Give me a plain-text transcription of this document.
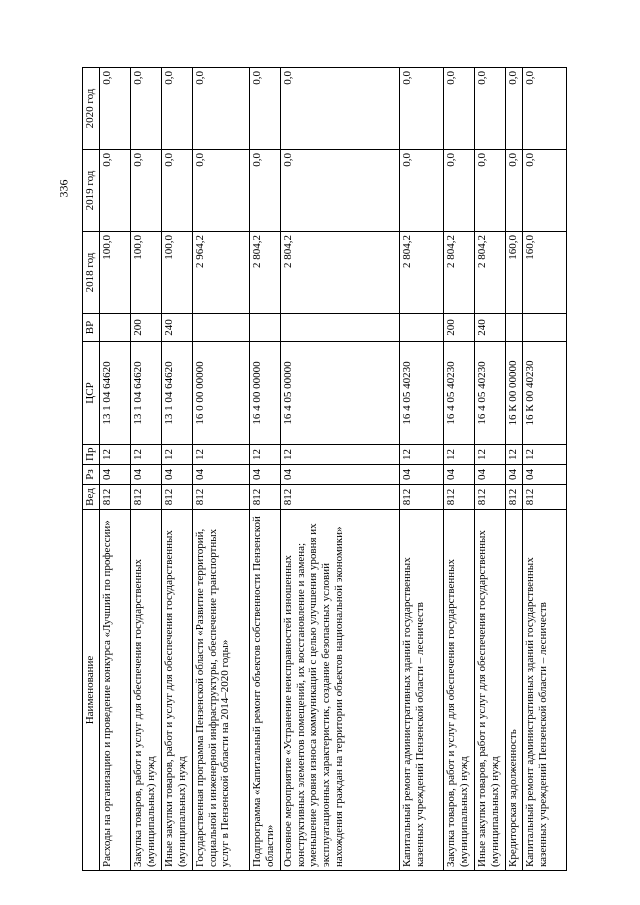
336
Наименование	Вед	Рз	Пр	ЦСР	ВР	2018 год	2019 год	2020 год
Расходы на организацию и проведение конкурса «Лучший по профессии»	812	04	12	13 1 04 64620		100,0	0,0	0,0
Закупка товаров, работ и услуг для обеспечения государственных (муниципальных) нужд	812	04	12	13 1 04 64620	200	100,0	0,0	0,0
Иные закупки товаров, работ и услуг для обеспечения государственных (муниципальных) нужд	812	04	12	13 1 04 64620	240	100,0	0,0	0,0
Государственная программа Пензенской области «Развитие территорий, социальной и инженерной инфраструктуры, обеспечение транспортных услуг в Пензенской области на 2014–2020 годы»	812	04	12	16 0 00 00000		2 964,2	0,0	0,0
Подпрограмма «Капитальный ремонт объектов собственности Пензенской области»	812	04	12	16 4 00 00000		2 804,2	0,0	0,0
Основное мероприятие «Устранение неисправностей изношенных конструктивных элементов помещений, их восстановление и замена; уменьшение уровня износа коммуникаций с целью улучшения уровня их эксплуатационных характеристик, создание безопасных условий нахождения граждан на территории объектов национальной экономики»	812	04	12	16 4 05 00000		2 804,2	0,0	0,0
Капитальный ремонт административных зданий государственных казенных учреждений Пензенской области – лесничеств	812	04	12	16 4 05 40230		2 804,2	0,0	0,0
Закупка товаров, работ и услуг для обеспечения государственных (муниципальных) нужд	812	04	12	16 4 05 40230	200	2 804,2	0,0	0,0
Иные закупки товаров, работ и услуг для обеспечения государственных (муниципальных) нужд	812	04	12	16 4 05 40230	240	2 804,2	0,0	0,0
Кредиторская задолженность	812	04	12	16 К 00 00000		160,0	0,0	0,0
Капитальный ремонт административных зданий государственных казенных учреждений Пензенской области – лесничеств	812	04	12	16 К 00 40230		160,0	0,0	0,0
